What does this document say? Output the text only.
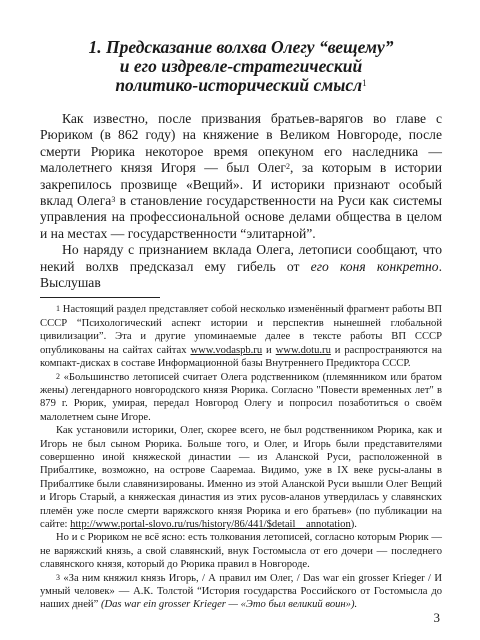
1. Предсказание волхва Олегу “вещему”
и его издревле-стратегический
политико-исторический смысл$^1$

Как известно, после призвания братьев-варягов во главе с Рюриком (в 862 году) на княжение в Великом Новгороде, после смерти Рюрика некоторое время опекуном его наследника — малолетнего князя Игоря — был Олег$^2$, за которым в истории закрепилось прозвище «Вещий». И историки признают особый вклад Олега$^3$ в становление государственности на Руси как системы управления на профессиональной основе делами общества в целом и на местах — государственности “элитарной”.

Но наряду с признанием вклада Олега, летописи сообщают, что некий волхв предсказал ему гибель от его коня конкретно. Выслушав

$^1$ Настоящий раздел представляет собой несколько изменённый фрагмент работы ВП СССР “Психологический аспект истории и перспектив нынешней глобальной цивилизации”. Эта и другие упоминаемые далее в тексте работы ВП СССР опубликованы на сайтах сайтах www.vodaspb.ru и www.dotu.ru и распространяются на компакт-дисках в составе Информационной базы Внутреннего Предиктора СССР.

$^2$ «Большинство летописей считает Олега родственником (племянником или братом жены) легендарного новгородского князя Рюрика. Согласно "Повести временных лет" в 879 г. Рюрик, умирая, передал Новгород Олегу и попросил позаботиться о своём малолетнем сыне Игоре.

Как установили историки, Олег, скорее всего, не был родственником Рюрика, как и Игорь не был сыном Рюрика. Больше того, и Олег, и Игорь были представителями совершенно иной княжеской династии — из Аланской Руси, расположенной в Прибалтике, возможно, на острове Сааремаа. Видимо, уже в IX веке русы-аланы в Прибалтике были славянизированы. Именно из этой Аланской Руси вышли Олег Вещий и Игорь Старый, а княжеская династия из этих русов-аланов утвердилась у славянских племён уже после смерти варяжского князя Рюрика и его братьев» (по публикации на сайте: http://www.portal-slovo.ru/rus/history/86/441/$detail__annotation).

Но и с Рюриком не всё ясно: есть толкования летописей, согласно которым Рюрик — не варяжский князь, а свой славянский, внук Гостомысла от его дочери — последнего славянского князя, который до Рюрика правил в Новгороде.

$^3$ «За ним княжил князь Игорь, / А правил им Олег, / Das war ein grosser Krieger / И умный человек» — А.К. Толстой “История государства Российского от Гостомысла до наших дней” (Das war ein grosser Krieger — «Это был великий воин»).

3
